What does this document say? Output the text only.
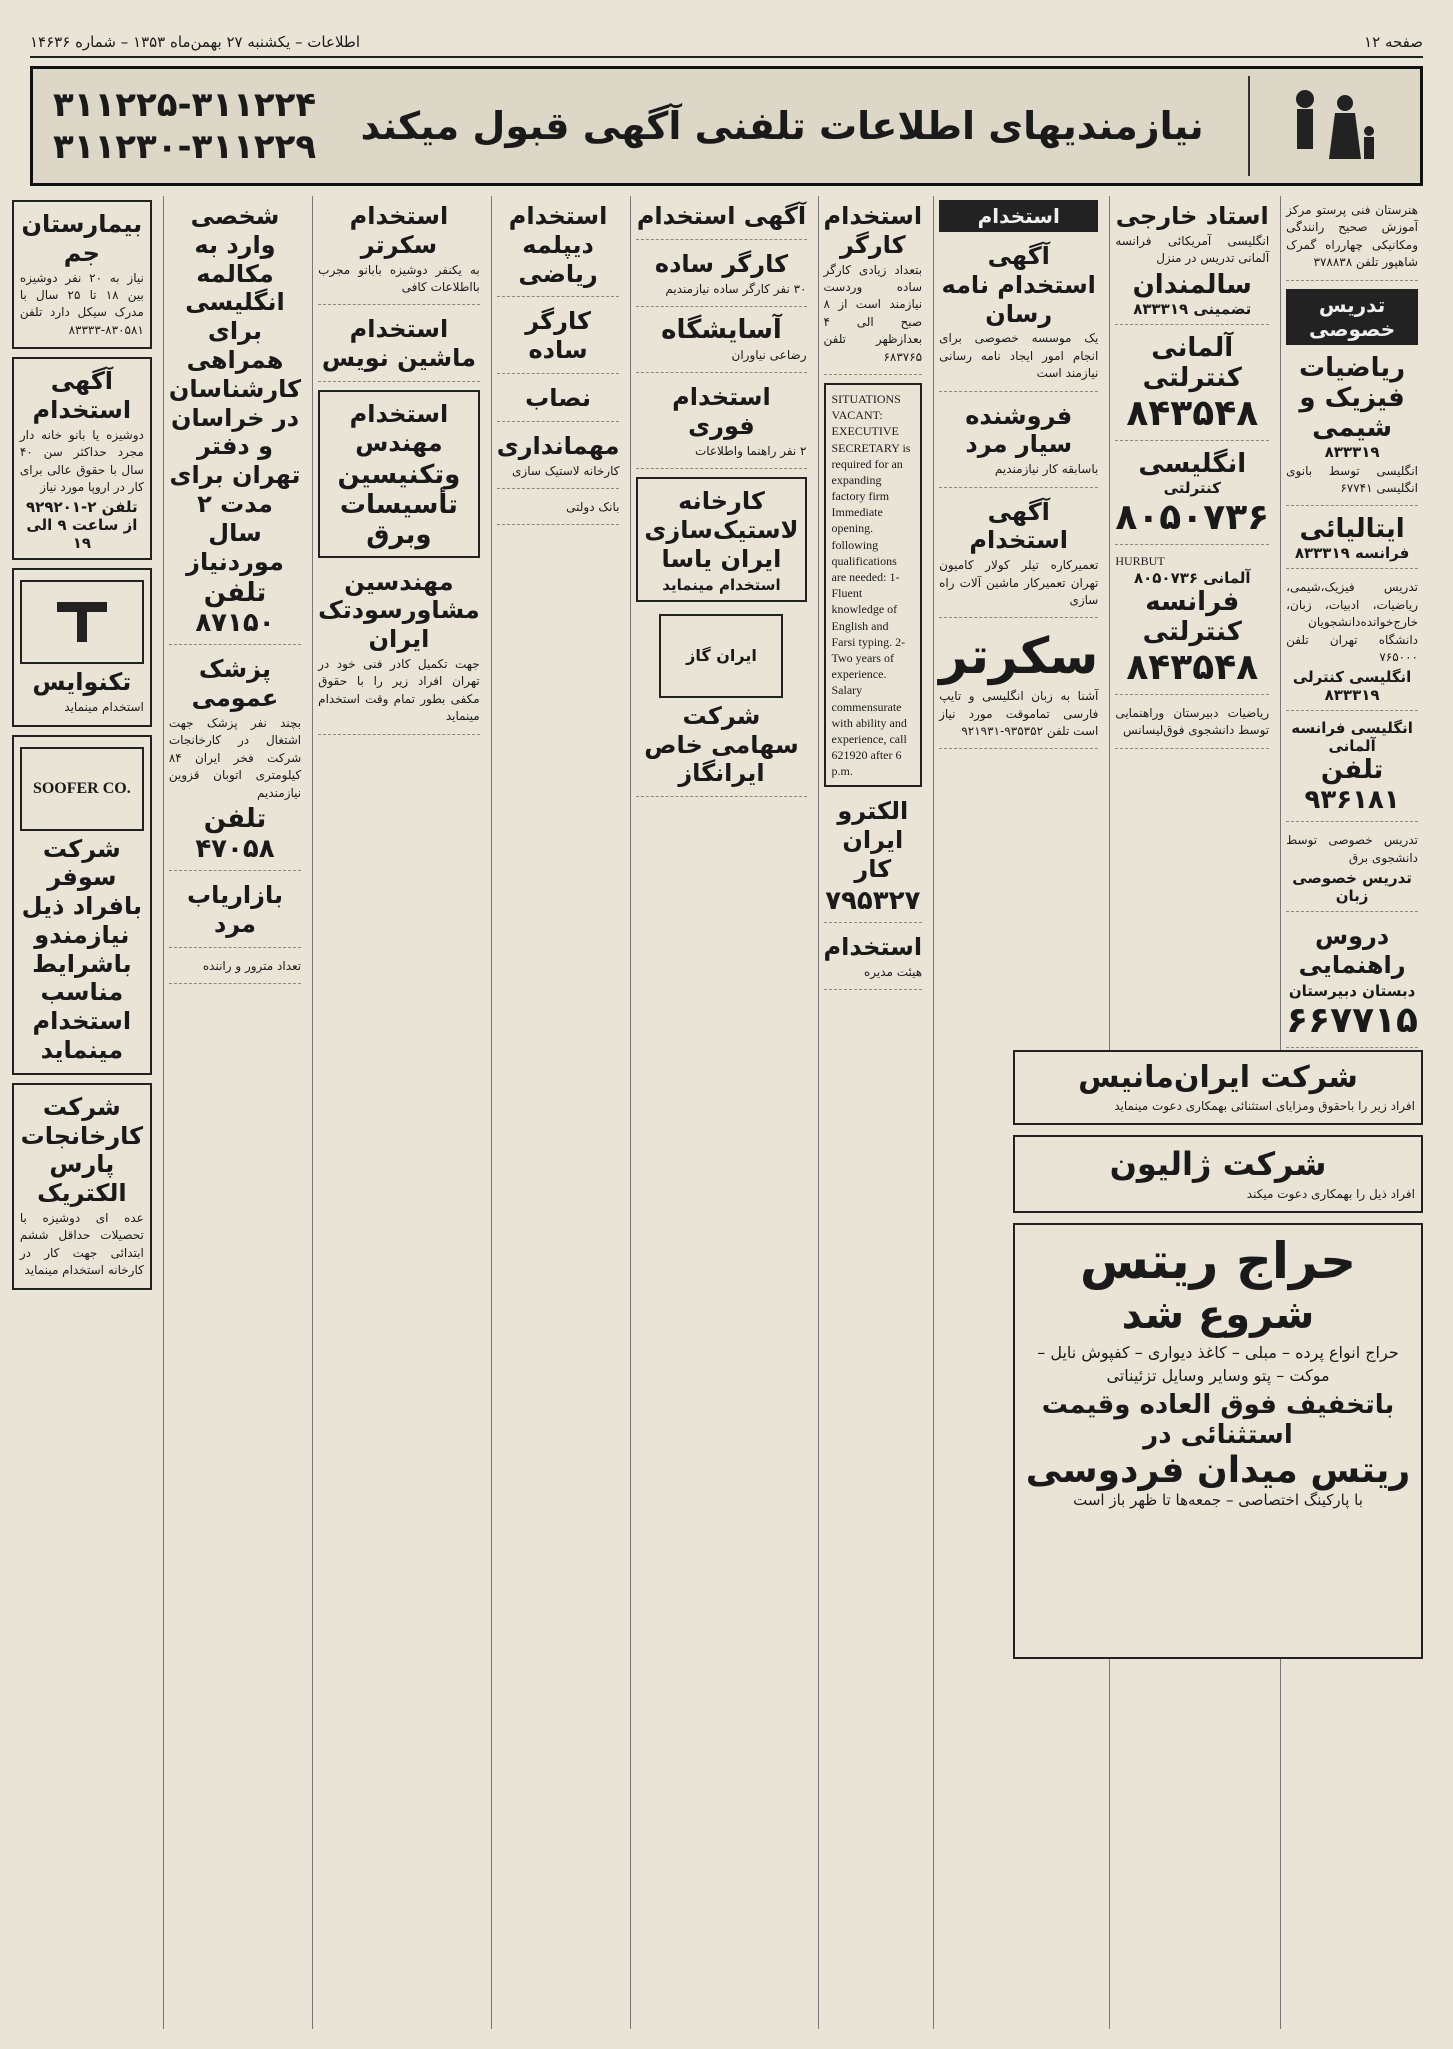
صفحه ۱۲
اطلاعات – یکشنبه ۲۷ بهمن‌ماه ۱۳۵۳ – شماره ۱۴۶۳۶
نیازمندیهای اطلاعات تلفنی آگهی قبول میکند
۳۱۱۲۲۵-۳۱۱۲۲۴
۳۱۱۲۳۰-۳۱۱۲۲۹

هنرستان فنی پرستو مرکز آموزش صحیح رانندگی ومکانیکی چهارراه گمرک شاهپور تلفن ۳۷۸۸۳۸

تدریس خصوصی
ریاضیات
فیزیک و شیمی
۸۳۳۳۱۹

انگلیسی توسط بانوی انگلیسی ۶۷۷۴۱

ایتالیائی
فرانسه ۸۳۳۳۱۹

تدریس فیزیک،شیمی، ریاضیات، ادبیات، زبان، خارج‌خوانده‌دانشجویان دانشگاه تهران تلفن ۷۶۵۰۰۰

انگلیسی کنترلی ۸۳۳۳۱۹
انگلیسی فرانسه آلمانی
تلفن ۹۳۶۱۸۱

تدریس خصوصی توسط دانشجوی برق

تدریس خصوصی زبان
دروس راهنمایی
دبستان دبیرستان
۶۶۷۷۱۵
استاد خارجی

انگلیسی آمریکائی فرانسه آلمانی تدریس در منزل

سالمندان
تضمینی ۸۳۳۳۱۹
آلمانی کنترلتی
۸۴۳۵۴۸
انگلیسی
کنترلتی
۸۰۵۰۷۳۶
HURBUT
آلمانی ۸۰۵۰۷۳۶
فرانسه کنترلتی
۸۴۳۵۴۸

ریاضیات دبیرستان وراهنمایی توسط دانشجوی فوق‌لیسانس

استخدام
آگهی استخدام نامه رسان

یک موسسه خصوصی برای انجام امور ایجاد نامه رسانی نیازمند است

فروشنده سیار مرد

باسابقه کار نیازمندیم

آگهی استخدام

تعمیرکاره تیلر کولار کامیون تهران تعمیرکار ماشین آلات راه سازی

سکرتر

آشنا به زبان انگلیسی و تایپ فارسی تماموقت مورد نیاز است تلفن ۹۳۵۳۵۲-۹۲۱۹۳۱

استخدام کارگر

بتعداد زیادی کارگر ساده وردست نیازمند است از ۸ صبح الی ۴ بعدازظهر تلفن ۶۸۳۷۶۵

SITUATIONS VACANT: EXECUTIVE SECRETARY is required for an expanding factory firm Immediate opening. following qualifications are needed: 1-Fluent knowledge of English and Farsi typing. 2-Two years of experience. Salary commensurate with ability and experience, call 621920 after 6 p.m.
الکترو ایران کار
۷۹۵۳۲۷
استخدام

هیئت مدیره

آگهی استخدام
کارگر ساده

۳۰ نفر کارگر ساده نیازمندیم

آسایشگاه

رضاعی نیاوران

استخدام فوری

۲ نفر راهنما واطلاعات

کارخانه لاستیک‌سازی ایران یاسا
استخدام مینماید
ایران گاز
شرکت سهامی خاص ایرانگاز
استخدام دیپلمه ریاضی
کارگر ساده
نصاب
مهمانداری

کارخانه لاستیک سازی

بانک دولتی

استخدام سکرتر

به یکنفر دوشیزه بابانو مجرب بااطلاعات کافی

استخدام ماشین نویس
استخدام مهندس
وتکنیسین
تأسیسات وبرق
مهندسین مشاورسودتک ایران

جهت تکمیل کادر فنی خود در تهران افراد زیر را با حقوق مکفی بطور تمام وقت استخدام مینماید

شخصی وارد به مکالمه انگلیسی برای همراهی کارشناسان در خراسان و دفتر تهران برای مدت ۲ سال موردنیاز
تلفن ۸۷۱۵۰
پزشک عمومی

بچند نفر پزشک جهت اشتغال در کارخانجات شرکت فخر ایران ۸۴ کیلومتری اتوبان قزوین نیازمندیم

تلفن ۴۷۰۵۸
بازاریاب مرد

تعداد مترور و راننده

بیمارستان جم

نیاز به ۲۰ نفر دوشیزه بین ۱۸ تا ۲۵ سال با مدرک سیکل دارد تلفن ۸۳۰۵۸۱-۸۳۳۳۳

آگهی استخدام

دوشیزه یا بانو خانه دار مجرد حداکثر سن ۴۰ سال با حقوق عالی برای کار در اروپا مورد نیاز

تلفن ۲-۹۲۹۲۰۱ از ساعت ۹ الی ۱۹
تکنوایس

استخدام مینماید

SOOFER CO.
شرکت سوفر بافراد ذیل نیازمندو باشرایط مناسب استخدام مینماید
شرکت کارخانجات پارس الکتریک

عده ای دوشیزه با تحصیلات حداقل ششم ابتدائی جهت کار در کارخانه استخدام مینماید

شرکت ایران‌مانیس

افراد زیر را باحقوق ومزایای استثنائی بهمکاری دعوت مینماید

شرکت ژالیون

افراد ذیل را بهمکاری دعوت میکند

حراج ریتس
شروع شد

حراج انواع پرده – مبلی – کاغذ دیواری – کفپوش نایل – موکت – پتو وسایر وسایل تزئیناتی

باتخفیف فوق العاده وقیمت استثنائی در
ریتس میدان فردوسی
با پارکینگ اختصاصی – جمعه‌ها تا ظهر باز است
